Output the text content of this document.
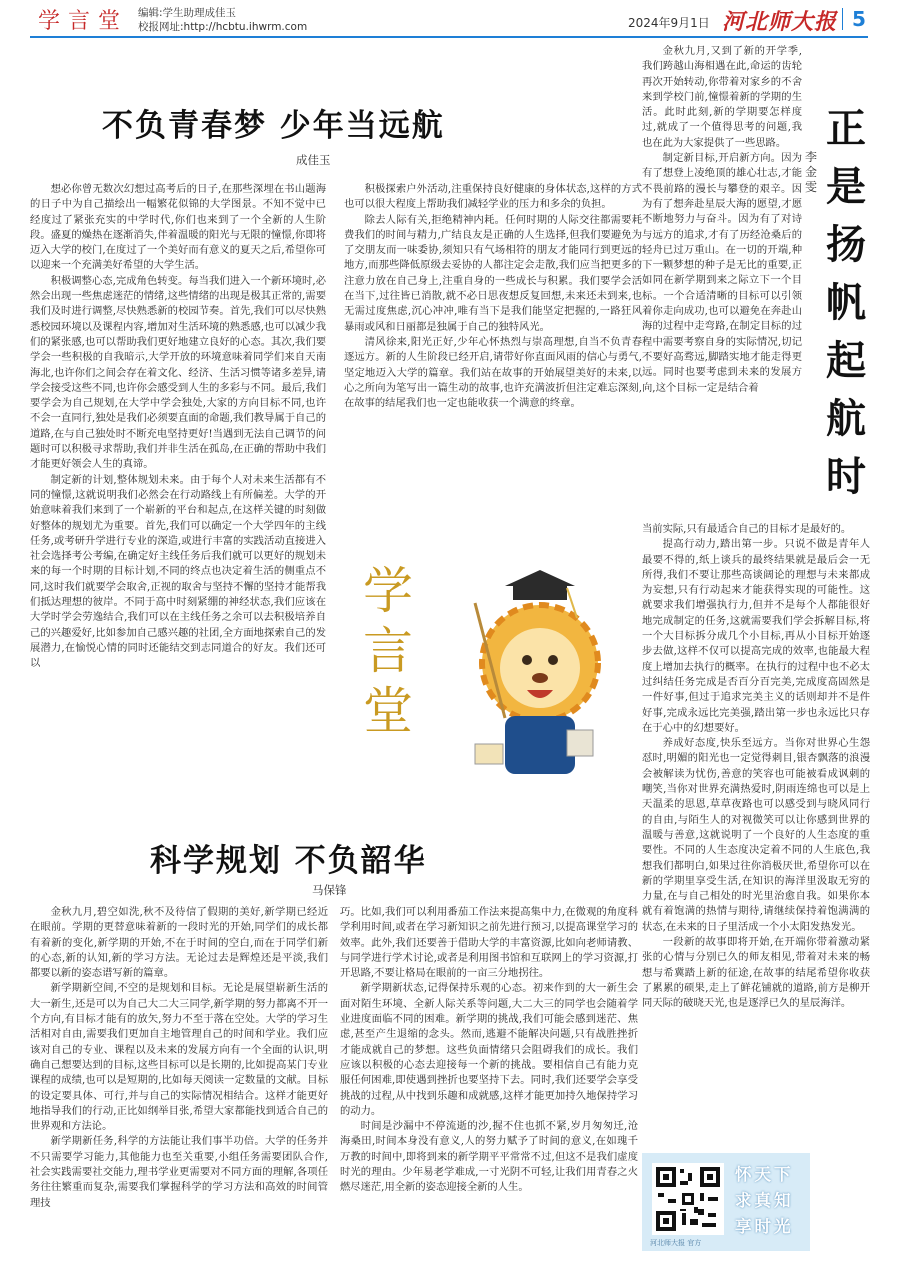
学言堂 编辑:学生助理成佳玉
校报网址:http://hcbtu.ihwrm.com	2024年9月1日 河北师大报 5
不负青春梦 少年当远航
成佳玉

想必你曾无数次幻想过高考后的日子,在那些深埋在书山题海的日子中为自己描绘出一幅繁花似锦的大学图景。不知不觉中已经度过了紧张充实的中学时代,你们也来到了一个全新的人生阶段。盛夏的燥热在逐渐消失,伴着温暖的阳光与无限的憧憬,你即将迈入大学的校门,在度过了一个美好而有意义的夏天之后,希望你可以迎来一个充满美好希望的大学生活。

积极调整心态,完成角色转变。每当我们进入一个新环境时,必然会出现一些焦虑迷茫的情绪,这些情绪的出现是极其正常的,需要我们及时进行调整,尽快熟悉新的校园节奏。首先,我们可以尽快熟悉校园环境以及课程内容,增加对生活环境的熟悉感,也可以减少我们的紧张感,也可以帮助我们更好地建立良好的心态。其次,我们要学会一些积极的自我暗示,大学开放的环境意味着同学们来自天南海北,也许你们之间会存在着文化、经济、生活习惯等诸多差异,请学会接受这些不同,也许你会感受到人生的多彩与不同。最后,我们要学会为自己规划,在大学中学会独处,大家的方向目标不同,也许不会一直同行,独处是我们必须要直面的命题,我们教导属于自己的道路,在与自己独处时不断充电坚持更好!当遇到无法自己调节的问题时可以积极寻求帮助,我们并非生活在孤岛,在正确的帮助中我们才能更好领会人生的真谛。

制定新的计划,整体规划未来。由于每个人对未来生活都有不同的憧憬,这就说明我们必然会在行动路线上有所偏差。大学的开始意味着我们来到了一个崭新的平台和起点,在这样关键的时刻做好整体的规划尤为重要。首先,我们可以确定一个大学四年的主线任务,或考研升学进行专业的深造,或进行丰富的实践活动直接进入社会选择考公考编,在确定好主线任务后我们就可以更好的规划未来的每一个时期的目标计划,不同的终点也决定着生活的侧重点不同,这时我们就要学会取舍,正视的取舍与坚持不懈的坚持才能帮我们抵达理想的彼岸。不同于高中时刻紧绷的神经状态,我们应该在大学时学会劳逸结合,我们可以在主线任务之余可以去积极培养自己的兴趣爱好,比如参加自己感兴趣的社团,全方面地探索自己的发展潜力,在愉悦心情的同时还能结交到志同道合的好友。我们还可以

积极探索户外活动,注重保持良好健康的身体状态,这样的方式也可以很大程度上帮助我们减轻学业的压力和多余的负担。

除去人际有关,拒绝精神内耗。任何时期的人际交往都需要耗费我们的时间与精力,广结良友是正确的人生选择,但我们要避免为了交朋友而一味委协,须知只有气场相符的朋友才能同行到更远的地方,而那些降低原级去妥协的人都注定会走散,我们应当把更多的注意力放在自己身上,注重自身的一些成长与积累。我们要学会活在当下,过往皆已消散,就不必日思夜想反复回想,未来还未到来,也无需过度焦虑,沉心冲冲,唯有当下是我们能坚定把握的,一路狂风暴雨或风和日丽都是独属于自己的独特风光。

清风徐来,阳光正好,少年心怀热烈与崇高理想,自当不负青春逐远方。新的人生阶段已经开启,请带好你直面风雨的信心与勇气,坚定地迈入大学的篇章。我们站在故事的开始展望美好的未来,以心之所向为笔写出一篇生动的故事,也许充满波折但注定难忘深刻,在故事的结尾我们也一定也能收获一个满意的终章。

学
言
堂
正是扬帆起航时
李金雯

金秋九月,又到了新的开学季,我们跨越山海相遇在此,命运的齿轮再次开始转动,你带着对家乡的不舍来到学校门前,憧憬着新的学期的生活。此时此刻,新的学期要怎样度过,就成了一个值得思考的问题,我也在此为大家提供了一些思路。

制定新目标,开启新方向。因为有了想登上凌绝顶的雄心壮志,才能不畏前路的漫长与攀登的艰辛。因为有了想奔赴星辰大海的愿望,才愿不断地努力与奋斗。因为有了对诗与远方的追求,才有了历经沧桑后的轻舟已过万重山。在一切的开端,种下一颗梦想的种子是无比的重要,正如同在新学期到来之际立下一个目标。一个合适清晰的目标可以引领着你走向成功,也可以避免在奔赴山海的过程中走弯路,在制定目标的过程中需要考察自身的实际情况,切记不要好高骛远,脚踏实地才能走得更远。同时也要考虑到未来的发展方向,这个目标一定是结合着

当前实际,只有最适合自己的目标才是最好的。

提高行动力,踏出第一步。只说不做是青年人最要不得的,纸上谈兵的最终结果就是最后会一无所得,我们不要让那些高谈阔论的理想与未来都成为妄想,只有行动起来才能获得实现的可能性。这就要求我们增强执行力,但并不是每个人都能很好地完成制定的任务,这就需要我们学会拆解目标,将一个大目标拆分成几个小目标,再从小目标开始逐步去做,这样不仅可以提高完成的效率,也能最大程度上增加去执行的概率。在执行的过程中也不必太过纠结任务完成是否百分百完美,完成度高固然是一件好事,但过于追求完美主义的话则却并不是件好事,完成永远比完美强,踏出第一步也永远比只存在于心中的幻想要好。

养成好态度,快乐至远方。当你对世界心生怨怼时,明媚的阳光也一定觉得刺目,银杏飘落的浪漫会被解读为忧伤,善意的笑容也可能被看成讽刺的嘲笑,当你对世界充满热爱时,阴雨连绵也可以是上天温柔的思恩,草草夜路也可以感受到与晓风同行的自由,与陌生人的对视微笑可以让你感到世界的温暖与善意,这就说明了一个良好的人生态度的重要性。不同的人生态度决定着不同的人生底色,我想我们都明白,如果过往你消极厌世,希望你可以在新的学期里享受生活,在知识的海洋里汲取无穷的力量,在与自己相处的时光里治愈自我。如果你本就有着饱满的热情与期待,请继续保持着饱满满的状态,在未来的日子里活成一个小太阳发热发光。

一段新的故事即将开始,在开端你带着激动紧张的心情与分别已久的师友相见,带着对未来的畅想与希冀踏上新的征途,在故事的结尾希望你收获了累累的硕果,走上了鲜花铺就的道路,前方是柳开同天际的破晓天光,也是逐浮已久的星辰海洋。

科学规划 不负韶华
马保锋

金秋九月,碧空如洗,秋不及待信了假期的美好,新学期已经近在眼前。学期的更替意味着新的一段时光的开始,同学们的成长都有着新的变化,新学期的开始,不在于时间的空白,而在于同学们新的心态,新的认知,新的学习方法。无论过去是辉煌还是平淡,我们都要以新的姿态谱写新的篇章。

新学期新空间,不空的是规划和目标。无论是展望崭新生活的大一新生,还是可以为自己大二大三同学,新学期的努力都离不开一个方向,有目标才能有的放矢,努力不至于落在空处。大学的学习生活相对自由,需要我们更加自主地管理自己的时间和学业。我们应该对自己的专业、课程以及未来的发展方向有一个全面的认识,明确自己想要达到的目标,这些目标可以是长期的,比如提高某门专业课程的成绩,也可以是短期的,比如每天阅读一定数量的文献。目标的设定要具体、可行,并与自己的实际情况相结合。这样才能更好地指导我们的行动,正比如纲举目张,希望大家都能找到适合自己的世界观和方法论。

新学期新任务,科学的方法能让我们事半功倍。大学的任务并不只需要学习能力,其他能力也至关重要,小组任务需要团队合作,社会实践需要社交能力,理书学业更需要对不同方面的理解,各项任务往往繁重而复杂,需要我们掌握科学的学习方法和高效的时间管理技

巧。比如,我们可以利用番茄工作法来提高集中力,在微观的角度科学利用时间,或者在学习新知识之前先进行预习,以提高课堂学习的效率。此外,我们还要善于借助大学的丰富资源,比如向老师请教、与同学进行学术讨论,或者是利用图书馆和互联网上的学习资源,打开思路,不要让格局在眼前的一亩三分地拐往。

新学期新状态,记得保持乐观的心态。初来作到的大一新生会面对陌生环境、全新人际关系等问题,大二大三的同学也会随着学业进度面临不同的困难。新学期的挑战,我们可能会感到迷茫、焦虑,甚至产生退缩的念头。然而,逃避不能解决问题,只有战胜挫折才能成就自己的梦想。这些负面情绪只会阻碍我们的成长。我们应该以积极的心态去迎接每一个新的挑战。要相信自己有能力克服任何困难,即使遇到挫折也要坚持下去。同时,我们还要学会享受挑战的过程,从中找到乐趣和成就感,这样才能更加持久地保持学习的动力。

时间是沙漏中不停流逝的沙,握不住也抓不紧,岁月匆匆迁,沧海桑田,时间本身没有意义,人的努力赋予了时间的意义,在如瑰千万教的时间中,即将到来的新学期平平常常不过,但这不是我们虚度时光的理由。少年易老学难成,一寸光阴不可轻,让我们用青春之火燃尽迷茫,用全新的姿态迎接全新的人生。

河北师大报 官方
怀天下
求真知
享时光
